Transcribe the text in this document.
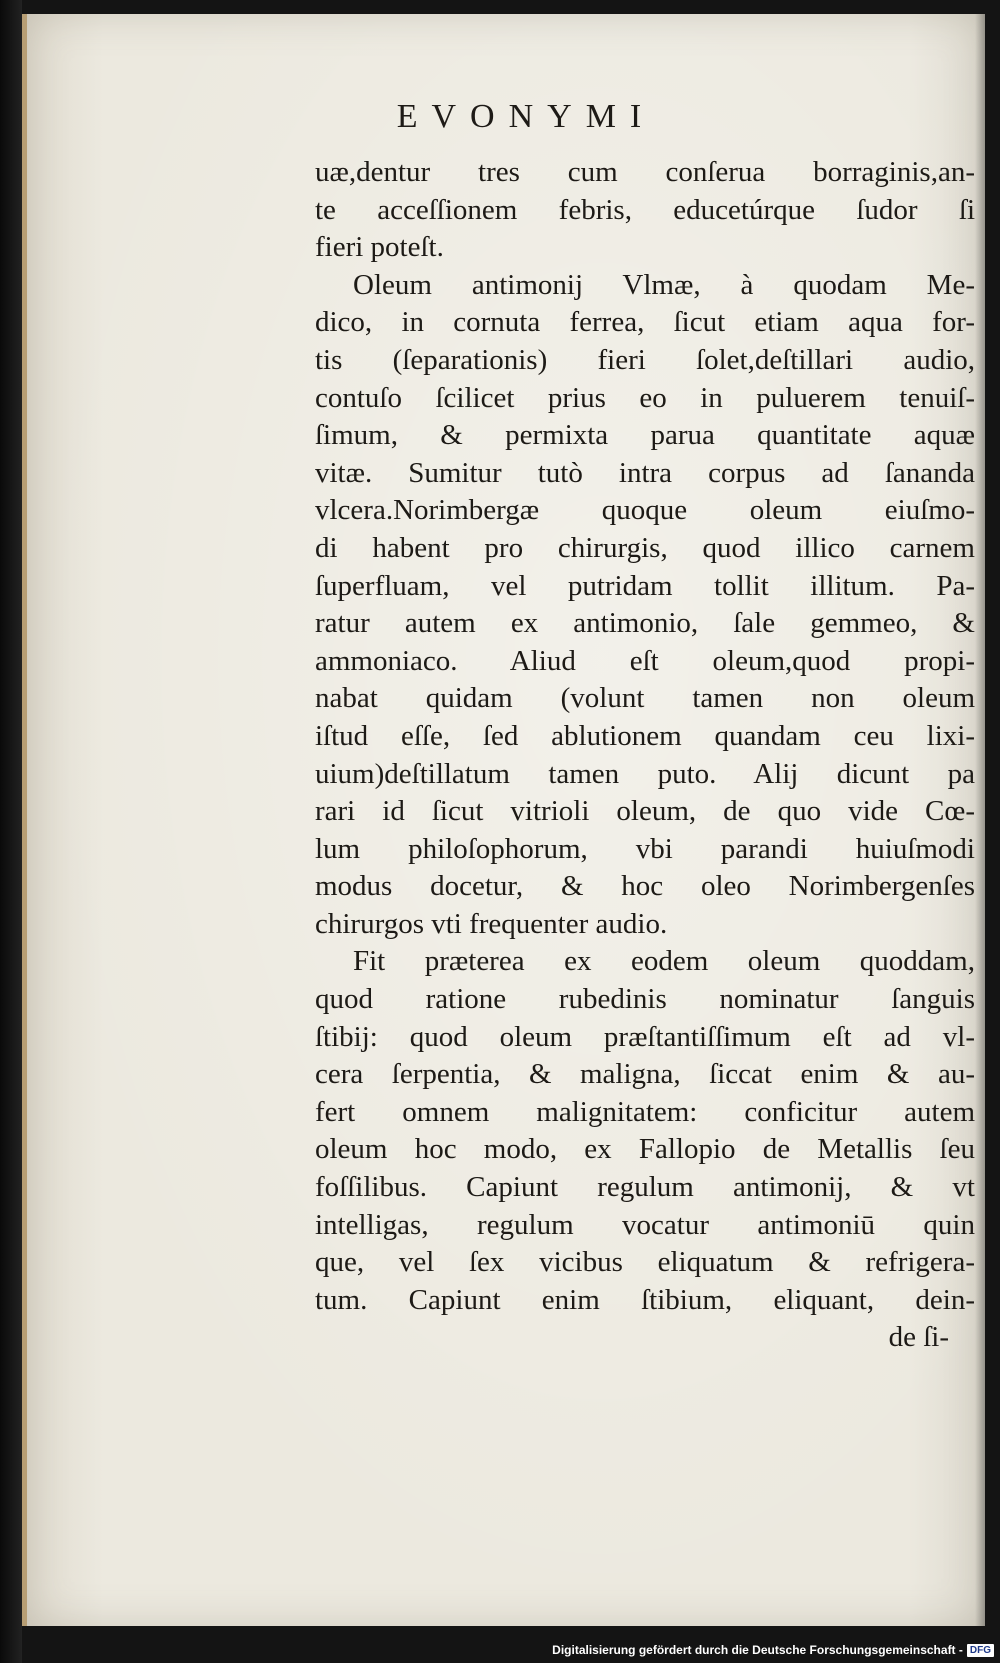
EVONYMI
uæ,dentur tres cum conſerua borraginis,an-
te acceſſionem febris, educetúrque ſudor ſi
fieri poteſt.
Oleum antimonij Vlmæ, à quodam Me-
dico, in cornuta ferrea, ſicut etiam aqua for-
tis (ſeparationis) fieri ſolet,deſtillari audio,
contuſo ſcilicet prius eo in puluerem tenuiſ-
ſimum, & permixta parua quantitate aquæ
vitæ. Sumitur tutò intra corpus ad ſananda
vlcera.Norimbergæ quoque oleum eiuſmo-
di habent pro chirurgis, quod illico carnem
ſuperfluam, vel putridam tollit illitum. Pa-
ratur autem ex antimonio, ſale gemmeo, &
ammoniaco. Aliud eſt oleum,quod propi-
nabat quidam (volunt tamen non oleum
iſtud eſſe, ſed ablutionem quandam ceu lixi-
uium)deſtillatum tamen puto. Alij dicunt pa
rari id ſicut vitrioli oleum, de quo vide Cœ-
lum philoſophorum, vbi parandi huiuſmodi
modus docetur, & hoc oleo Norimbergenſes
chirurgos vti frequenter audio.
Fit præterea ex eodem oleum quoddam,
quod ratione rubedinis nominatur ſanguis
ſtibij: quod oleum præſtantiſſimum eſt ad vl-
cera ſerpentia, & maligna, ſiccat enim & au-
fert omnem malignitatem: conficitur autem
oleum hoc modo, ex Fallopio de Metallis ſeu
foſſilibus. Capiunt regulum antimonij, & vt
intelligas, regulum vocatur antimoniū quin
que, vel ſex vicibus eliquatum & refrigera-
tum. Capiunt enim ſtibium, eliquant, dein-
de ſi-
Digitalisierung gefördert durch die Deutsche Forschungsgemeinschaft - DFG
